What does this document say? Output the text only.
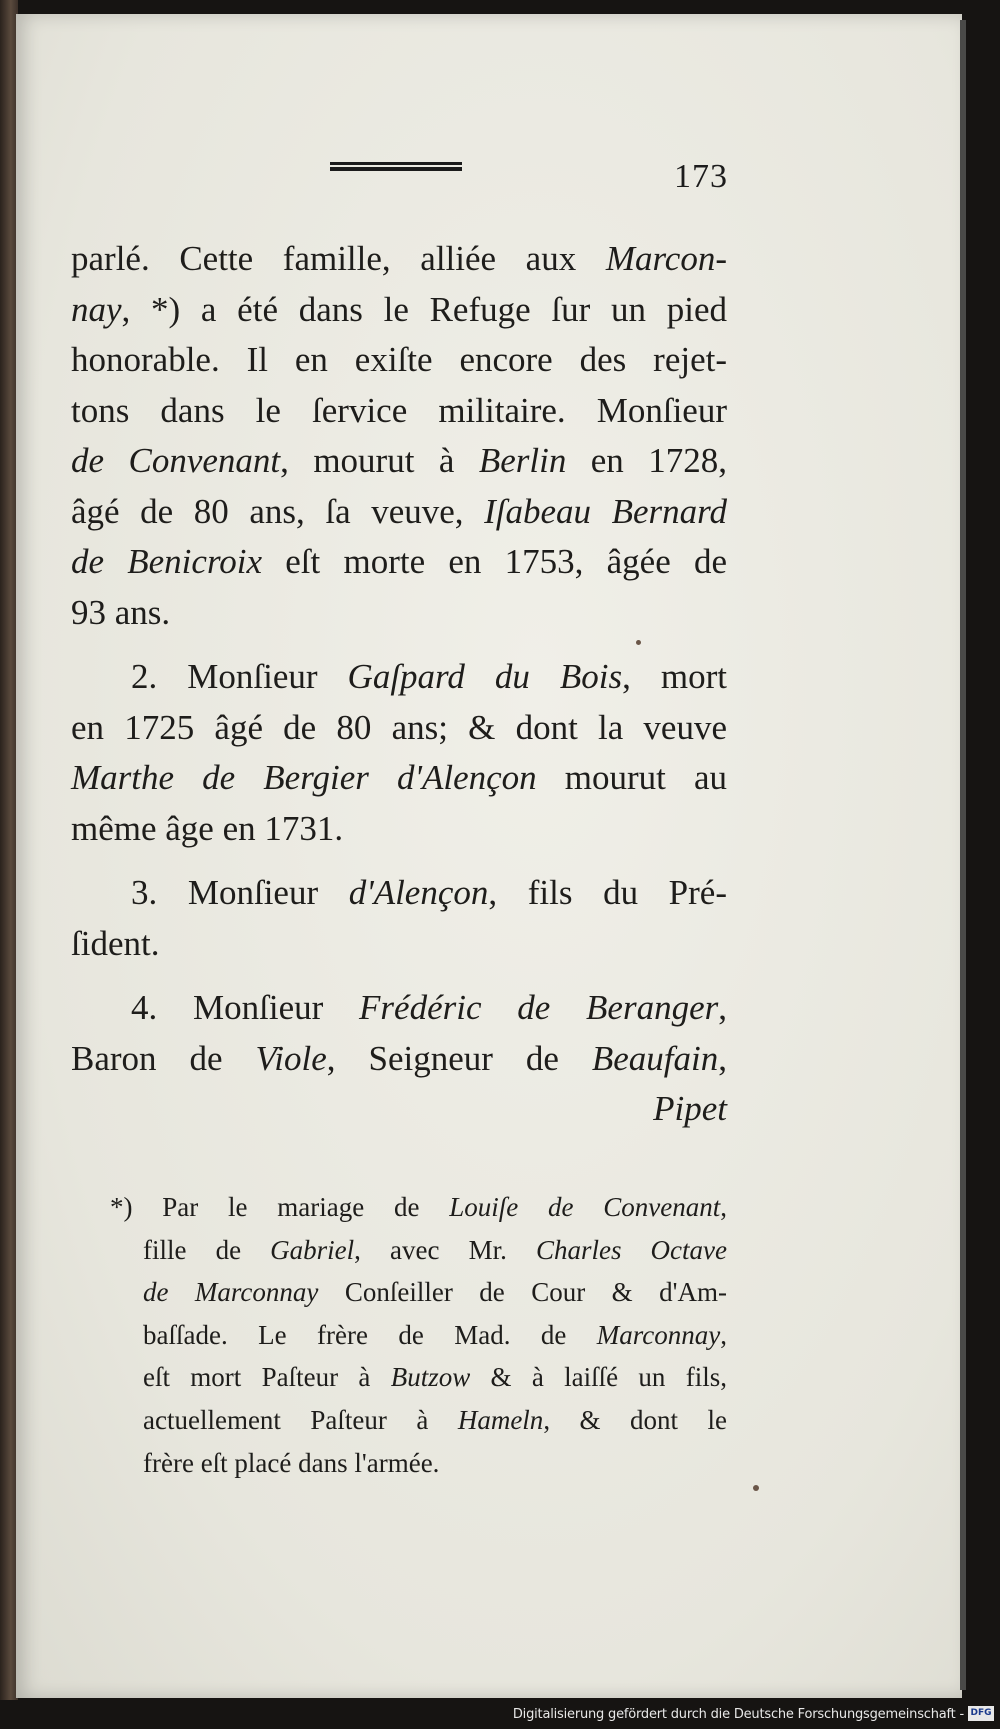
173
parlé. Cette famille, alliée aux Marcon-
nay, *) a été dans le Refuge ſur un pied
honorable. Il en exiſte encore des rejet-
tons dans le ſervice militaire. Monſieur
de Convenant, mourut à Berlin en 1728,
âgé de 80 ans, ſa veuve, Iſabeau Bernard
de Benicroix eſt morte en 1753, âgée de
93 ans.
2. Monſieur Gaſpard du Bois, mort
en 1725 âgé de 80 ans; & dont la veuve
Marthe de Bergier d'Alençon mourut au
même âge en 1731.
3. Monſieur d'Alençon, fils du Pré-
ſident.
4. Monſieur Frédéric de Beranger,
Baron de Viole, Seigneur de Beaufain,
Pipet
*) Par le mariage de Louiſe de Convenant,
fille de Gabriel, avec Mr. Charles Octave
de Marconnay Conſeiller de Cour & d'Am-
baſſade. Le frère de Mad. de Marconnay,
eſt mort Paſteur à Butzow & à laiſſé un fils,
actuellement Paſteur à Hameln, & dont le
frère eſt placé dans l'armée.
Digitalisierung gefördert durch die Deutsche Forschungsgemeinschaft - DFG
